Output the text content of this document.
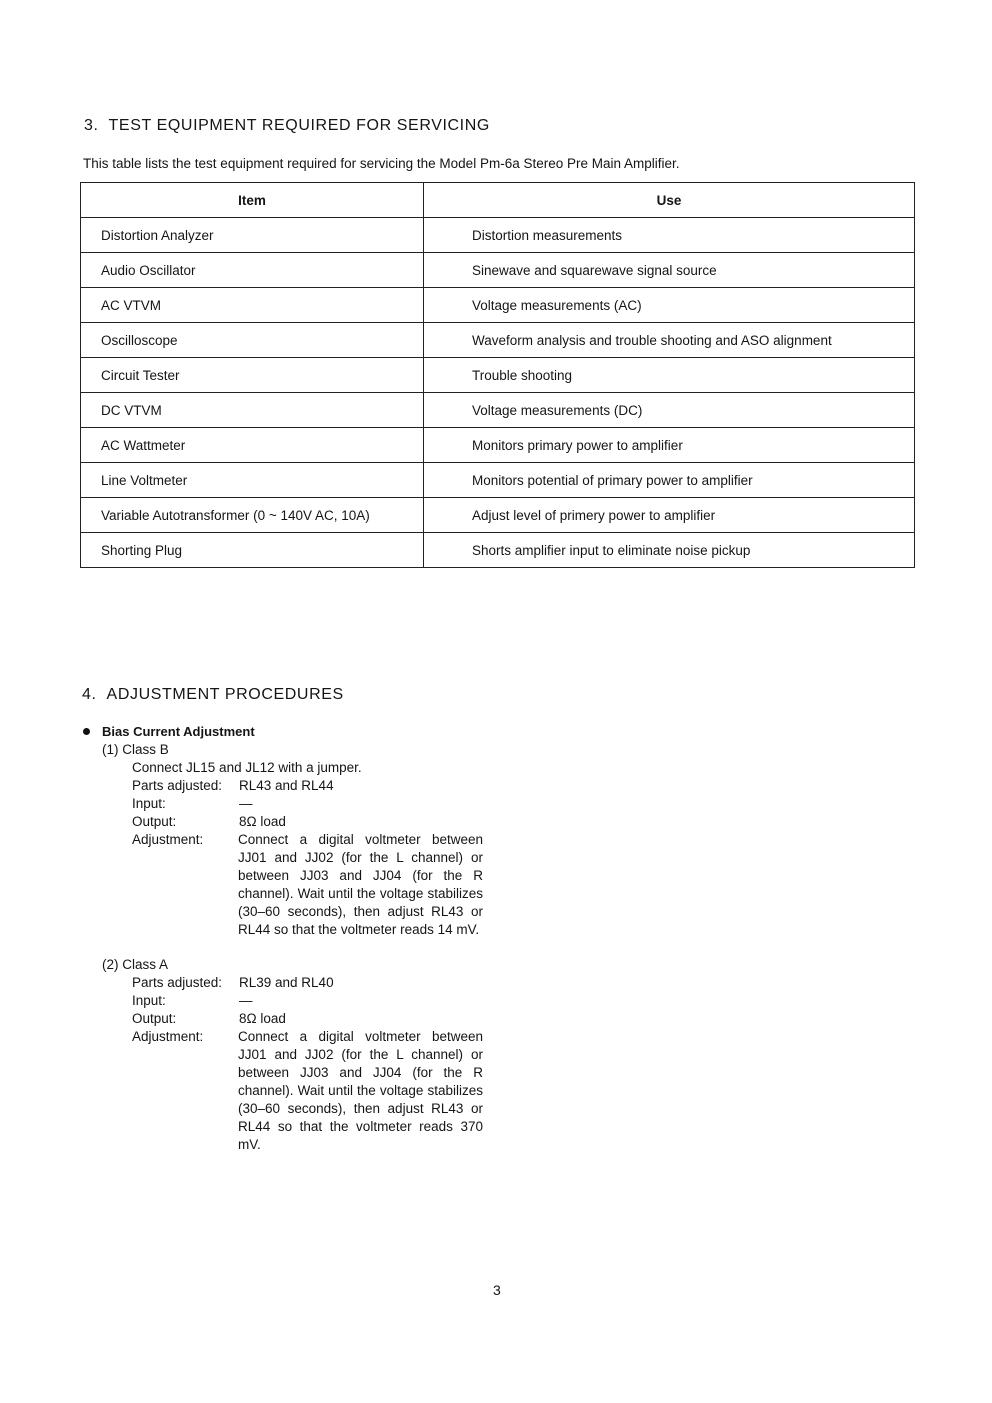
3. TEST EQUIPMENT REQUIRED FOR SERVICING

This table lists the test equipment required for servicing the Model Pm-6a Stereo Pre Main Amplifier.

Item	Use
Distortion Analyzer	Distortion measurements
Audio Oscillator	Sinewave and squarewave signal source
AC VTVM	Voltage measurements (AC)
Oscilloscope	Waveform analysis and trouble shooting and ASO alignment
Circuit Tester	Trouble shooting
DC VTVM	Voltage measurements (DC)
AC Wattmeter	Monitors primary power to amplifier
Line Voltmeter	Monitors potential of primary power to amplifier
Variable Autotransformer (0 ~ 140V AC, 10A)	Adjust level of primery power to amplifier
Shorting Plug	Shorts amplifier input to eliminate noise pickup
4. ADJUSTMENT PROCEDURES
Bias Current Adjustment
(1) Class B
Connect JL15 and JL12 with a jumper.
Parts adjusted: RL43 and RL44
Input:	—
Output:	8Ω load
Adjustment:	Connect a digital voltmeter between JJ01 and JJ02 (for the L channel) or between JJ03 and JJ04 (for the R channel). Wait until the voltage stabilizes (30–60 seconds), then adjust RL43 or RL44 so that the voltmeter reads 14 mV.
(2) Class A
Parts adjusted: RL39 and RL40
Input:	—
Output:	8Ω load
Adjustment:	Connect a digital voltmeter between JJ01 and JJ02 (for the L channel) or between JJ03 and JJ04 (for the R channel). Wait until the voltage stabilizes (30–60 seconds), then adjust RL43 or RL44 so that the voltmeter reads 370 mV.
3
